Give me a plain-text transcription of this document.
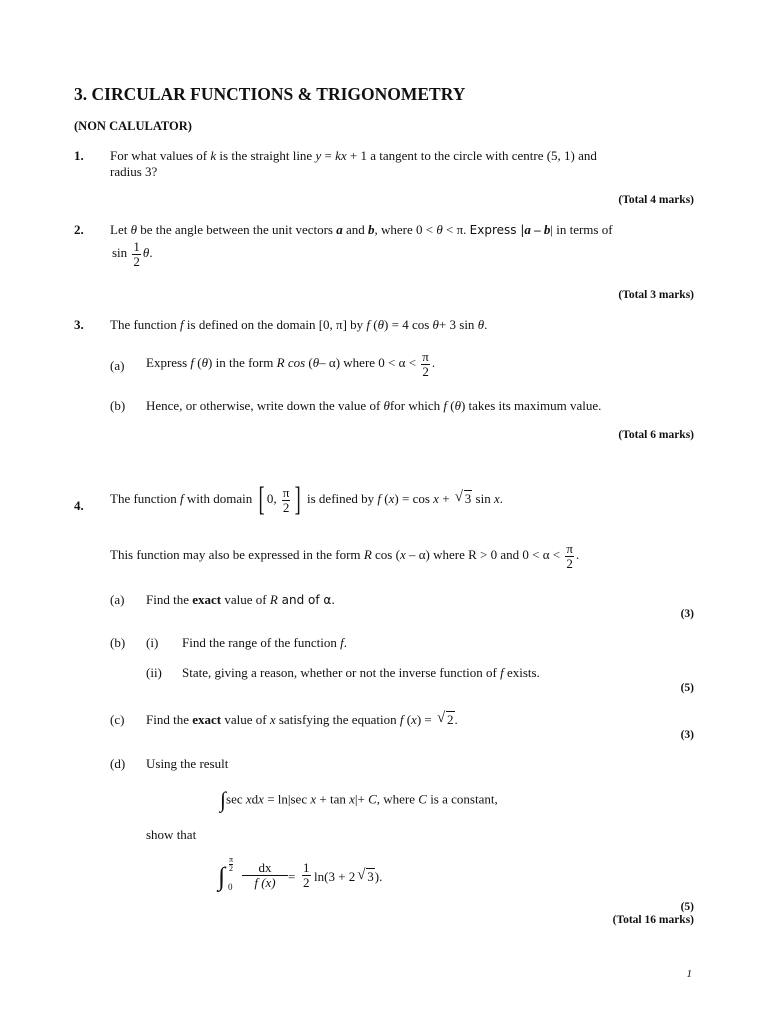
3. CIRCULAR FUNCTIONS & TRIGONOMETRY
(NON CALULATOR)
1. For what values of k is the straight line y = kx + 1 a tangent to the circle with centre (5, 1) and
radius 3?
(Total 4 marks)
2. Let θ be the angle between the unit vectors a and b, where 0 < θ < π. Express |a – b| in terms of
$\sin \frac{1}{2} \theta$.
(Total 3 marks)
3. The function f is defined on the domain [0, π] by f (θ) = 4 cos θ+ 3 sin θ.
(a) Express f (θ) in the form R cos (θ– α) where $0 < \alpha < \frac{\pi}{2}$ .
(b) Hence, or otherwise, write down the value of θfor which f (θ) takes its maximum value.
(Total 6 marks)
4. The function f with domain [ 0, $\frac{\pi}{2}$ ] is defined by f (x) = cos x + √ 3 sin x.
This function may also be expressed in the form R cos (x – α) where R > 0 and $0 < \alpha < \frac{\pi}{2}$ .
(a) Find the exact value of R and of α.
(3)
(b) (i) Find the range of the function f.
(ii) State, giving a reason, whether or not the inverse function of f exists.
(5)
(c) Find the exact value of x satisfying the equation f (x) = √ 2.
(3)
(d) Using the result
∫sec xdx = ln|sec x + tan x|+ C, where C is a constant,
show that
∫
π
2
$0 \frac{dx}{f (x)} = \frac{1}{2} \ln(3 + 2$ √ 3).
(5)
(Total 16 marks)
1
